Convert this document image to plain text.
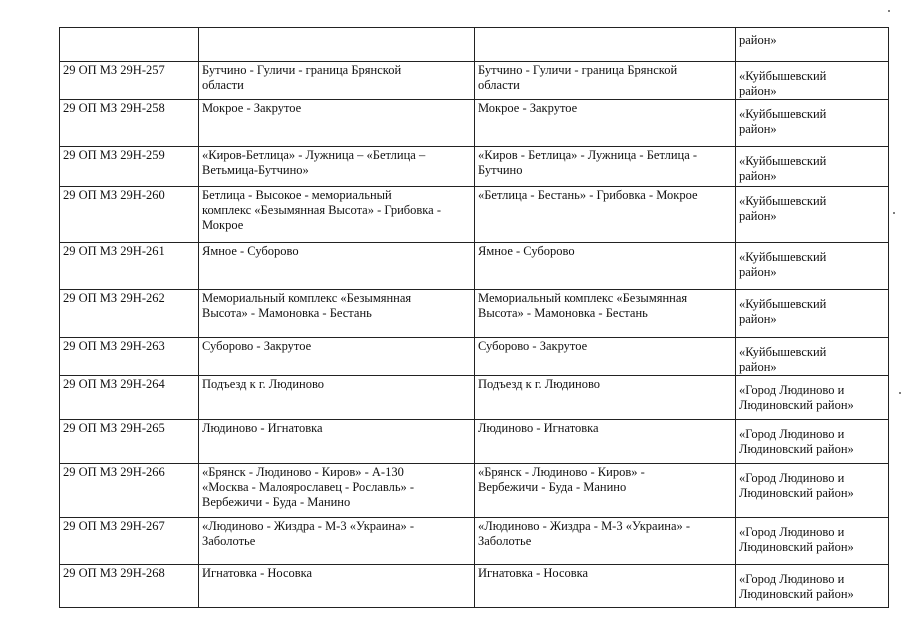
			район»

29 ОП МЗ 29Н-257	Бутчино - Гуличи - граница Брянской
области	Бутчино - Гуличи - граница Брянской
области	«Куйбышевский
район»

29 ОП МЗ 29Н-258	Мокрое - Закрутое	Мокрое - Закрутое	«Куйбышевский
район»

29 ОП МЗ 29Н-259	«Киров-Бетлица» - Лужница – «Бетлица –
Ветьмица-Бутчино»	«Киров - Бетлица» - Лужница - Бетлица -
Бутчино	«Куйбышевский
район»

29 ОП МЗ 29Н-260	Бетлица - Высокое - мемориальный
комплекс «Безымянная Высота» - Грибовка -
Мокрое	«Бетлица - Бестань» - Грибовка - Мокрое	«Куйбышевский
район»

29 ОП МЗ 29Н-261	Ямное - Суборово	Ямное - Суборово	«Куйбышевский
район»

29 ОП МЗ 29Н-262	Мемориальный комплекс «Безымянная
Высота» - Мамоновка - Бестань	Мемориальный комплекс «Безымянная
Высота» - Мамоновка - Бестань	«Куйбышевский
район»

29 ОП МЗ 29Н-263	Суборово - Закрутое	Суборово - Закрутое	«Куйбышевский
район»

29 ОП МЗ 29Н-264	Подъезд к г. Людиново	Подъезд к г. Людиново	«Город Людиново и
Людиновский район»

29 ОП МЗ 29Н-265	Людиново - Игнатовка	Людиново - Игнатовка	«Город Людиново и
Людиновский район»

29 ОП МЗ 29Н-266	«Брянск - Людиново - Киров» - А-130
«Москва - Малоярославец - Рославль» -
Вербежичи - Буда - Манино	«Брянск - Людиново - Киров» -
Вербежичи - Буда - Манино	«Город Людиново и
Людиновский район»

29 ОП МЗ 29Н-267	«Людиново - Жиздра - М-3 «Украина» -
Заболотье	«Людиново - Жиздра - М-3 «Украина» -
Заболотье	«Город Людиново и
Людиновский район»

29 ОП МЗ 29Н-268	Игнатовка - Носовка	Игнатовка - Носовка	«Город Людиново и
Людиновский район»
